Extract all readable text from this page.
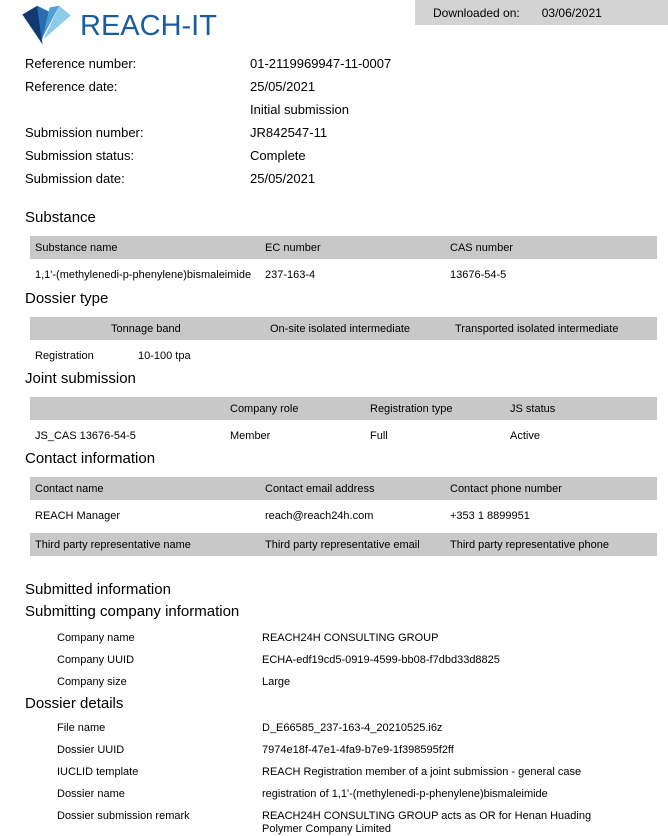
Downloaded on: 03/06/2021
REACH-IT
Reference number:	01-2119969947-11-0007
Reference date:	25/05/2021
Initial submission
Submission number:	JR842547-11
Submission status:	Complete
Submission date:	25/05/2021
Substance
Substance name	EC number	CAS number
1,1'-(methylenedi-p-phenylene)bismaleimide	237-163-4	13676-54-5
Dossier type
	Tonnage band	On-site isolated intermediate	Transported isolated intermediate
Registration	10-100 tpa		
Joint submission
	Company role	Registration type	JS status
JS_CAS 13676-54-5	Member	Full	Active
Contact information
Contact name	Contact email address	Contact phone number
REACH Manager	reach@reach24h.com	+353 1 8899951
Third party representative name	Third party representative email	Third party representative phone
Submitted information
Submitting company information
Company name	REACH24H CONSULTING GROUP
Company UUID	ECHA-edf19cd5-0919-4599-bb08-f7dbd33d8825
Company size	Large
Dossier details
File name	D_E66585_237-163-4_20210525.i6z
Dossier UUID	7974e18f-47e1-4fa9-b7e9-1f398595f2ff
IUCLID template	REACH Registration member of a joint submission - general case
Dossier name	registration of 1,1'-(methylenedi-p-phenylene)bismaleimide
Dossier submission remark	REACH24H CONSULTING GROUP acts as OR for Henan Huading Polymer Company Limited
